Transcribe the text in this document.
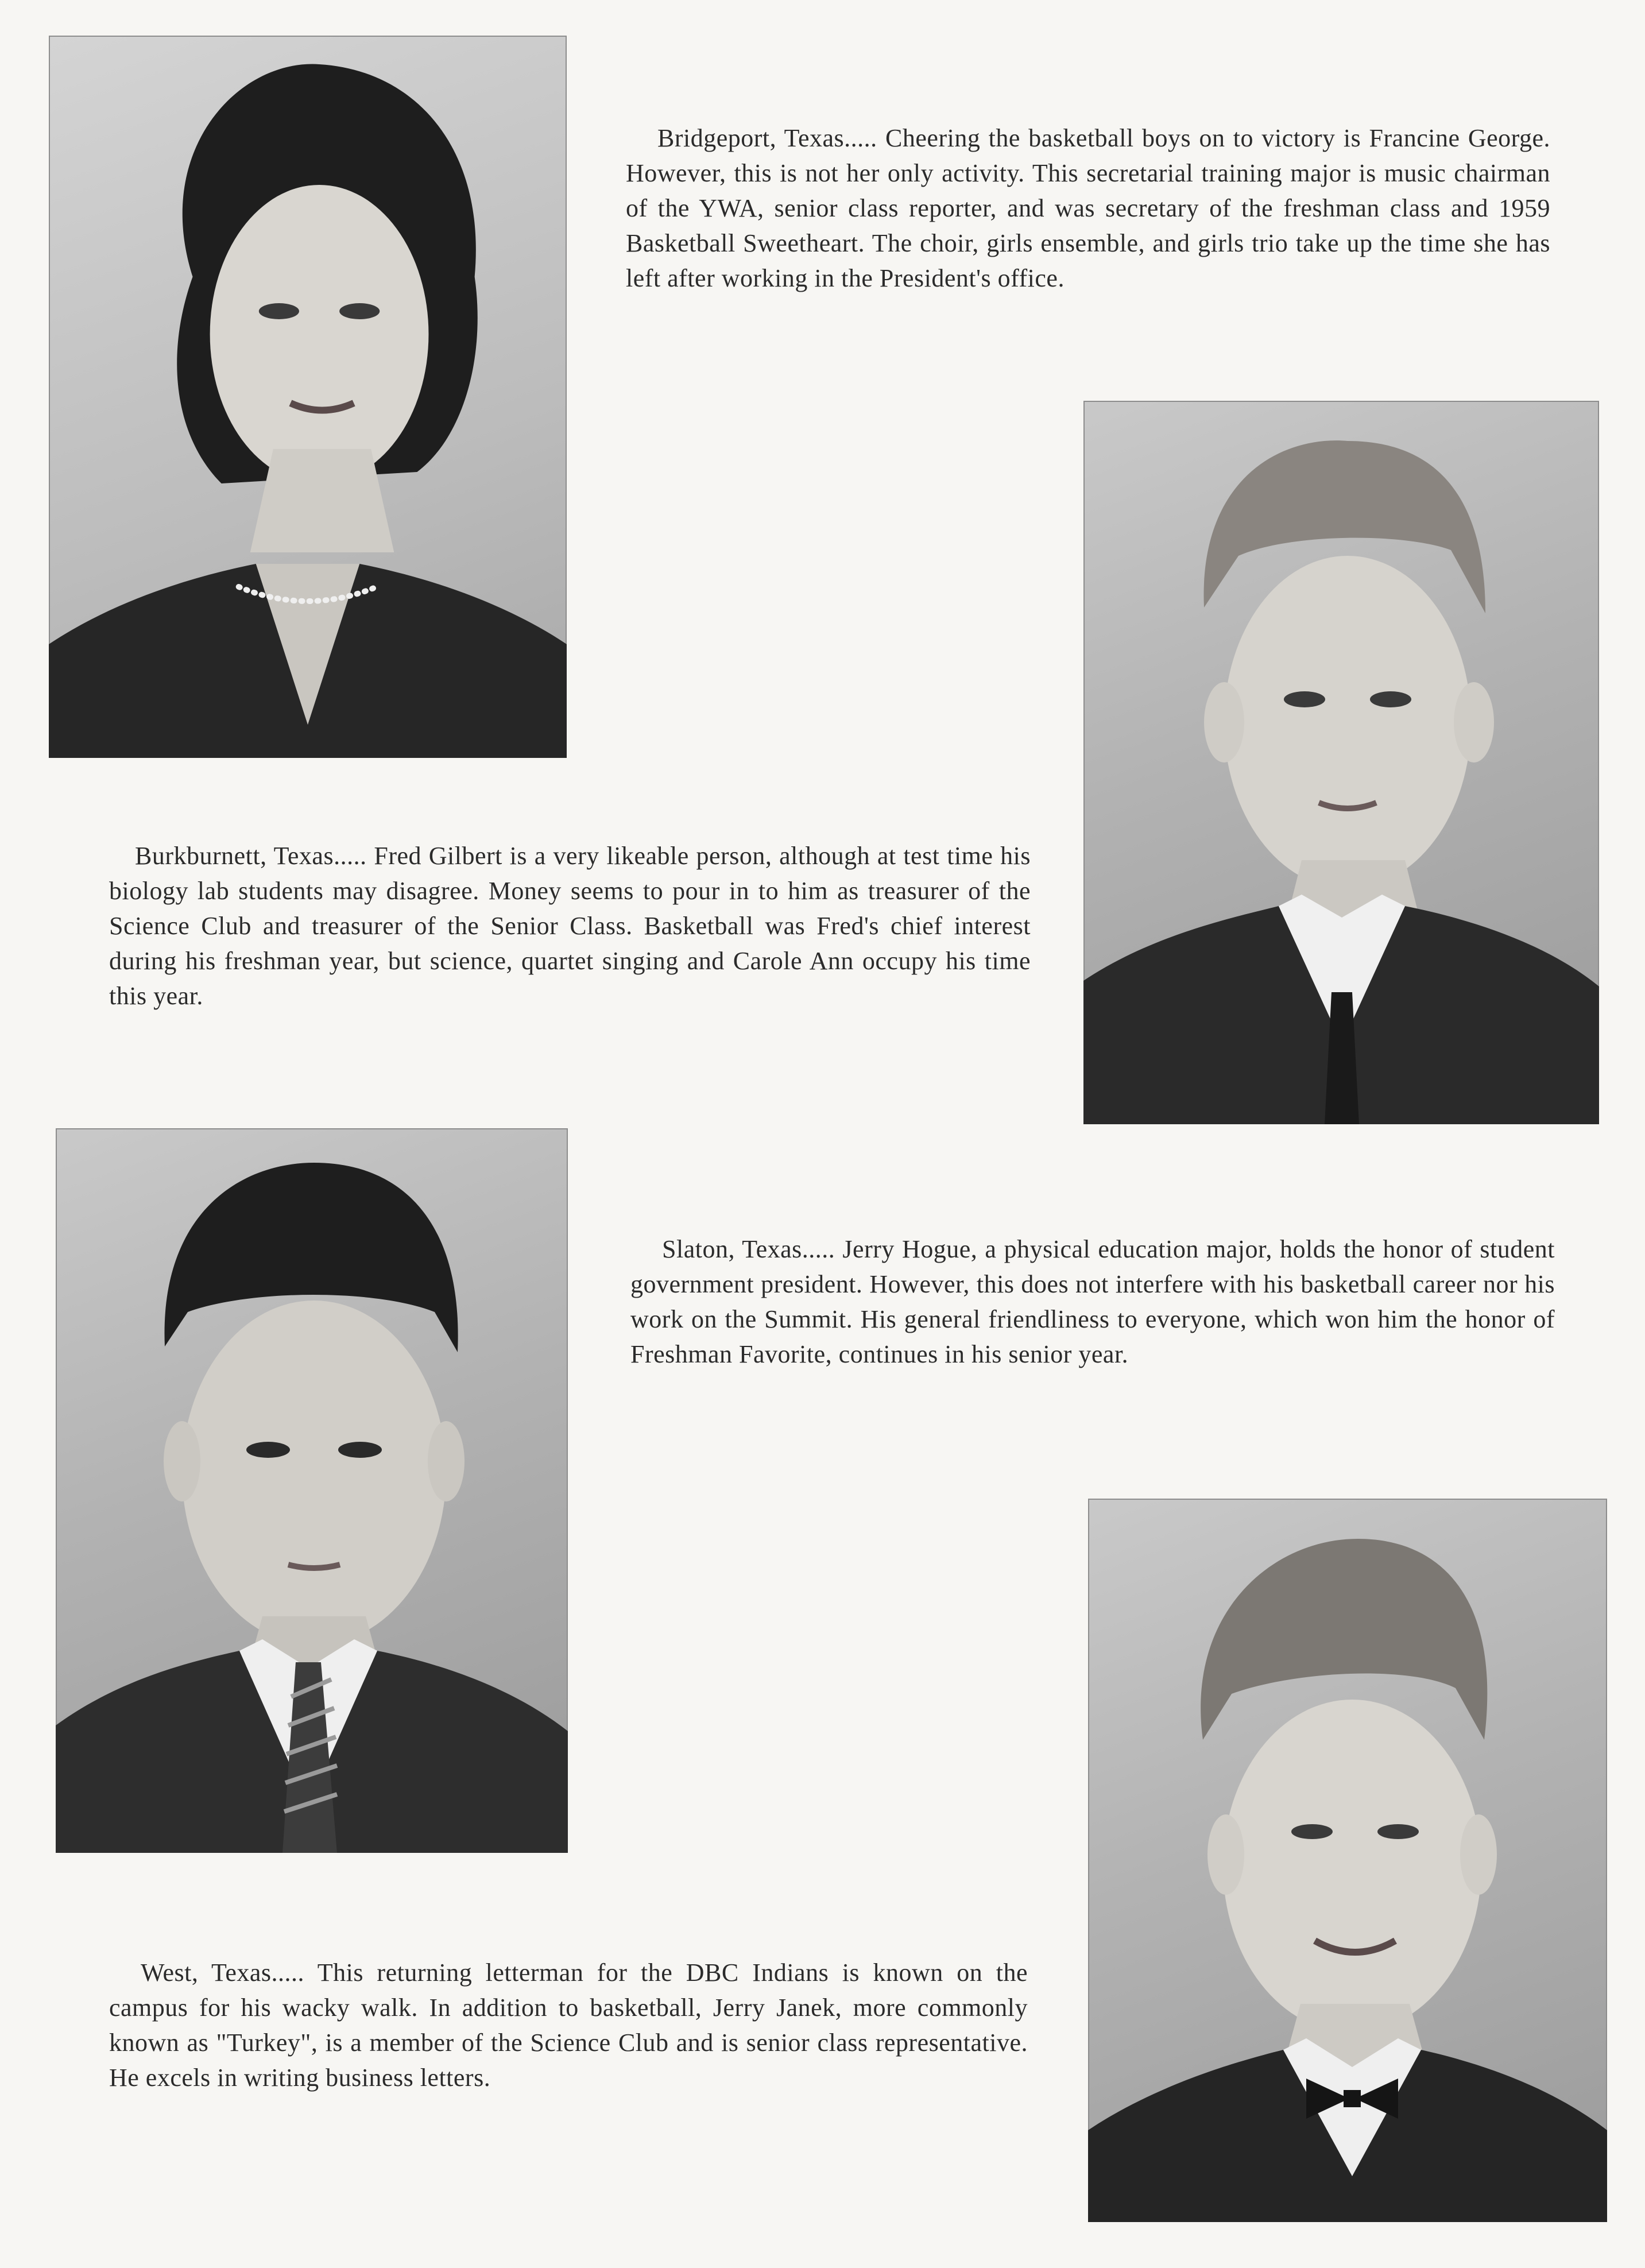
Bridgeport, Texas..... Cheering the basketball boys on to victory is Francine George. However, this is not her only activity. This secretarial training major is music chairman of the YWA, senior class reporter, and was secretary of the freshman class and 1959 Basketball Sweetheart. The choir, girls ensemble, and girls trio take up the time she has left after working in the President's office.
Burkburnett, Texas..... Fred Gilbert is a very likeable person, although at test time his biology lab students may disagree. Money seems to pour in to him as treasurer of the Science Club and treasurer of the Senior Class. Basketball was Fred's chief interest during his freshman year, but science, quartet singing and Carole Ann occupy his time this year.
Slaton, Texas..... Jerry Hogue, a physical education major, holds the honor of student government president. However, this does not interfere with his basketball career nor his work on the Summit. His general friendliness to everyone, which won him the honor of Freshman Favorite, continues in his senior year.
West, Texas..... This returning letterman for the DBC Indians is known on the campus for his wacky walk. In addition to basketball, Jerry Janek, more commonly known as "Turkey", is a member of the Science Club and is senior class representative. He excels in writing business letters.
